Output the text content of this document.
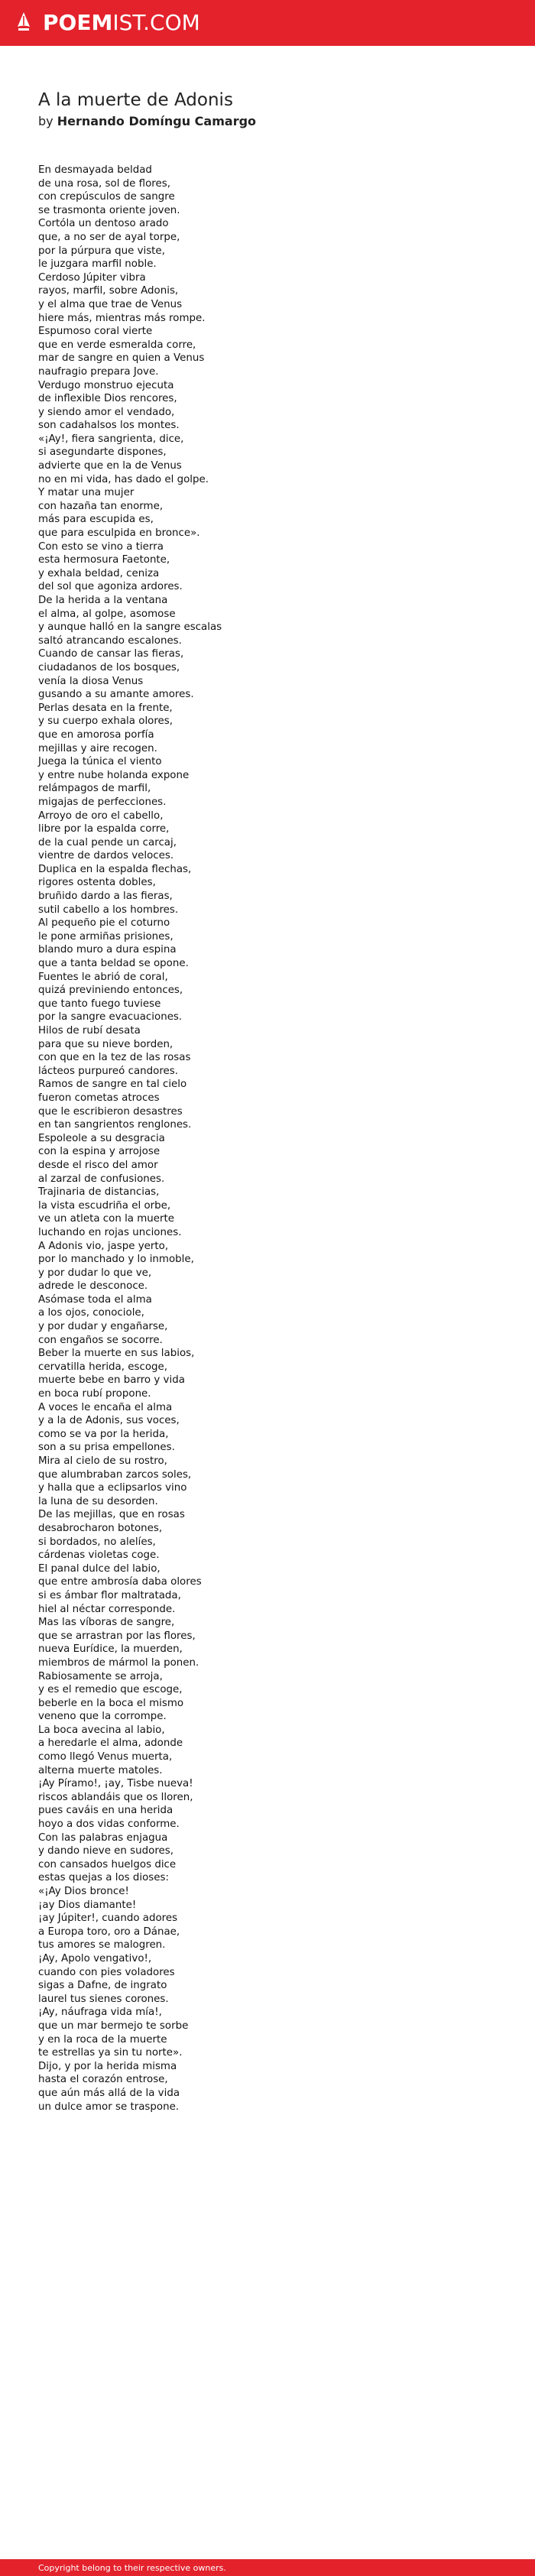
POEMIST.COM
A la muerte de Adonis
by Hernando Domíngu Camargo
En desmayada beldad
de una rosa, sol de flores,
con crepúsculos de sangre
se trasmonta oriente joven.
Cortóla un dentoso arado
que, a no ser de ayal torpe,
por la púrpura que viste,
le juzgara marfil noble.
Cerdoso Júpiter vibra
rayos, marfil, sobre Adonis,
y el alma que trae de Venus
hiere más, mientras más rompe.
Espumoso coral vierte
que en verde esmeralda corre,
mar de sangre en quien a Venus
naufragio prepara Jove.
Verdugo monstruo ejecuta
de inflexible Dios rencores,
y siendo amor el vendado,
son cadahalsos los montes.
«¡Ay!, fiera sangrienta, dice,
si asegundarte dispones,
advierte que en la de Venus
no en mi vida, has dado el golpe.
Y matar una mujer
con hazaña tan enorme,
más para escupida es,
que para esculpida en bronce».
Con esto se vino a tierra
esta hermosura Faetonte,
y exhala beldad, ceniza
del sol que agoniza ardores.
De la herida a la ventana
el alma, al golpe, asomose
y aunque halló en la sangre escalas
saltó atrancando escalones.
Cuando de cansar las fieras,
ciudadanos de los bosques,
venía la diosa Venus
gusando a su amante amores.
Perlas desata en la frente,
y su cuerpo exhala olores,
que en amorosa porfía
mejillas y aire recogen.
Juega la túnica el viento
y entre nube holanda expone
relámpagos de marfil,
migajas de perfecciones.
Arroyo de oro el cabello,
libre por la espalda corre,
de la cual pende un carcaj,
vientre de dardos veloces.
Duplica en la espalda flechas,
rigores ostenta dobles,
bruñido dardo a las fieras,
sutil cabello a los hombres.
Al pequeño pie el coturno
le pone armiñas prisiones,
blando muro a dura espina
que a tanta beldad se opone.
Fuentes le abrió de coral,
quizá previniendo entonces,
que tanto fuego tuviese
por la sangre evacuaciones.
Hilos de rubí desata
para que su nieve borden,
con que en la tez de las rosas
lácteos purpureó candores.
Ramos de sangre en tal cielo
fueron cometas atroces
que le escribieron desastres
en tan sangrientos renglones.
Espoleole a su desgracia
con la espina y arrojose
desde el risco del amor
al zarzal de confusiones.
Trajinaria de distancias,
la vista escudriña el orbe,
ve un atleta con la muerte
luchando en rojas unciones.
A Adonis vio, jaspe yerto,
por lo manchado y lo inmoble,
y por dudar lo que ve,
adrede le desconoce.
Asómase toda el alma
a los ojos, conociole,
y por dudar y engañarse,
con engaños se socorre.
Beber la muerte en sus labios,
cervatilla herida, escoge,
muerte bebe en barro y vida
en boca rubí propone.
A voces le encaña el alma
y a la de Adonis, sus voces,
como se va por la herida,
son a su prisa empellones.
Mira al cielo de su rostro,
que alumbraban zarcos soles,
y halla que a eclipsarlos vino
la luna de su desorden.
De las mejillas, que en rosas
desabrocharon botones,
si bordados, no alelíes,
cárdenas violetas coge.
El panal dulce del labio,
que entre ambrosía daba olores
si es ámbar flor maltratada,
hiel al néctar corresponde.
Mas las víboras de sangre,
que se arrastran por las flores,
nueva Eurídice, la muerden,
miembros de mármol la ponen.
Rabiosamente se arroja,
y es el remedio que escoge,
beberle en la boca el mismo
veneno que la corrompe.
La boca avecina al labio,
a heredarle el alma, adonde
como llegó Venus muerta,
alterna muerte matoles.
¡Ay Píramo!, ¡ay, Tisbe nueva!
riscos ablandáis que os lloren,
pues caváis en una herida
hoyo a dos vidas conforme.
Con las palabras enjagua
y dando nieve en sudores,
con cansados huelgos dice
estas quejas a los dioses:
«¡Ay Dios bronce!
¡ay Dios diamante!
¡ay Júpiter!, cuando adores
a Europa toro, oro a Dánae,
tus amores se malogren.
¡Ay, Apolo vengativo!,
cuando con pies voladores
sigas a Dafne, de ingrato
laurel tus sienes corones.
¡Ay, náufraga vida mía!,
que un mar bermejo te sorbe
y en la roca de la muerte
te estrellas ya sin tu norte».
Dijo, y por la herida misma
hasta el corazón entrose,
que aún más allá de la vida
un dulce amor se traspone.
Copyright belong to their respective owners.
